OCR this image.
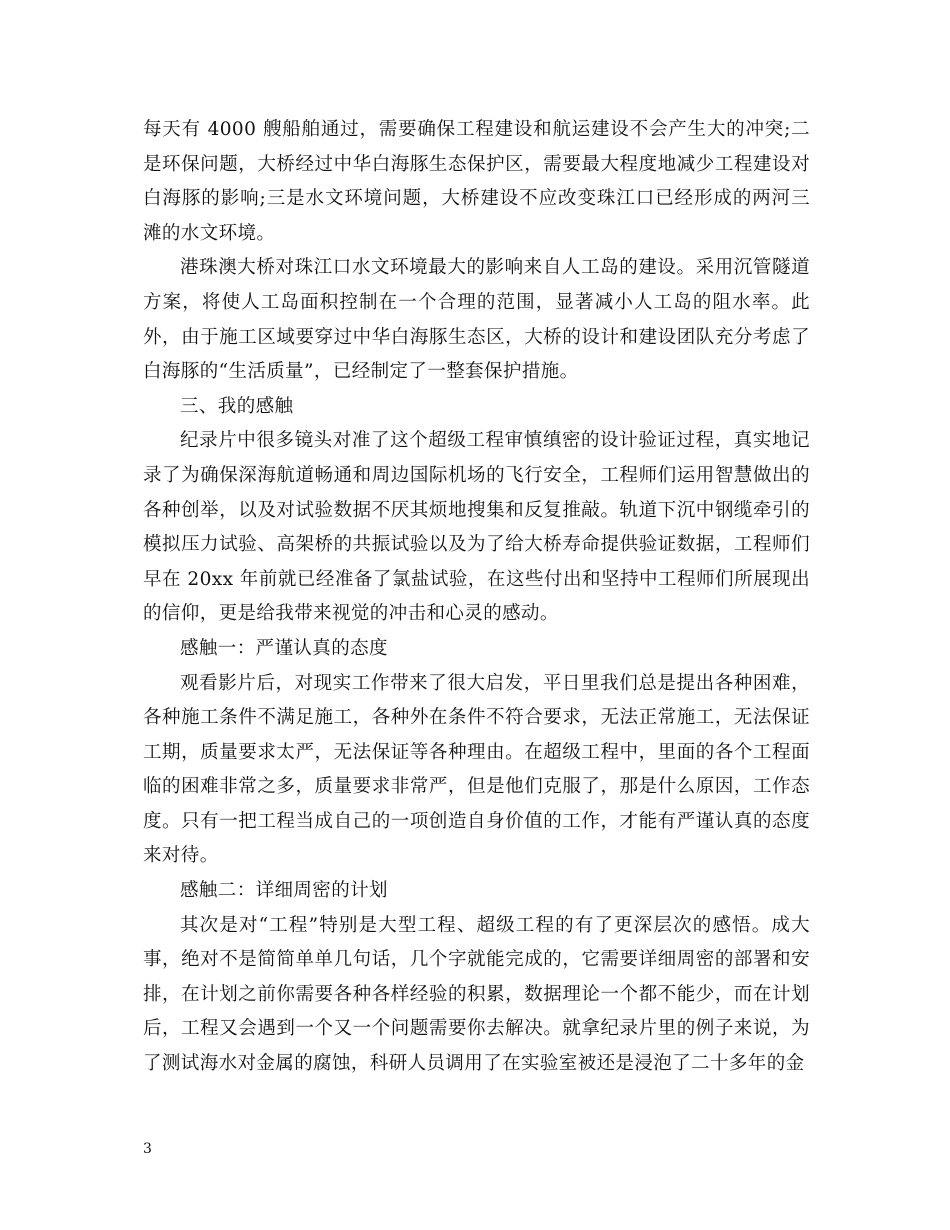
每天有 4000 艘船舶通过，需要确保工程建设和航运建设不会产生大的冲突;二是环保问题，大桥经过中华白海豚生态保护区，需要最大程度地减少工程建设对白海豚的影响;三是水文环境问题，大桥建设不应改变珠江口已经形成的两河三滩的水文环境。

港珠澳大桥对珠江口水文环境最大的影响来自人工岛的建设。采用沉管隧道方案，将使人工岛面积控制在一个合理的范围，显著减小人工岛的阻水率。此外，由于施工区域要穿过中华白海豚生态区，大桥的设计和建设团队充分考虑了白海豚的“生活质量”，已经制定了一整套保护措施。

三、我的感触

纪录片中很多镜头对准了这个超级工程审慎缜密的设计验证过程，真实地记录了为确保深海航道畅通和周边国际机场的飞行安全，工程师们运用智慧做出的各种创举，以及对试验数据不厌其烦地搜集和反复推敲。轨道下沉中钢缆牵引的模拟压力试验、高架桥的共振试验以及为了给大桥寿命提供验证数据，工程师们早在 20xx 年前就已经准备了氯盐试验，在这些付出和坚持中工程师们所展现出的信仰，更是给我带来视觉的冲击和心灵的感动。

感触一：严谨认真的态度

观看影片后，对现实工作带来了很大启发，平日里我们总是提出各种困难，各种施工条件不满足施工，各种外在条件不符合要求，无法正常施工，无法保证工期，质量要求太严，无法保证等各种理由。在超级工程中，里面的各个工程面临的困难非常之多，质量要求非常严，但是他们克服了，那是什么原因，工作态度。只有一把工程当成自己的一项创造自身价值的工作，才能有严谨认真的态度来对待。

感触二：详细周密的计划

其次是对“工程”特别是大型工程、超级工程的有了更深层次的感悟。成大事，绝对不是简简单单几句话，几个字就能完成的，它需要详细周密的部署和安排，在计划之前你需要各种各样经验的积累，数据理论一个都不能少，而在计划后，工程又会遇到一个又一个问题需要你去解决。就拿纪录片里的例子来说，为了测试海水对金属的腐蚀，科研人员调用了在实验室被还是浸泡了二十多年的金

3
